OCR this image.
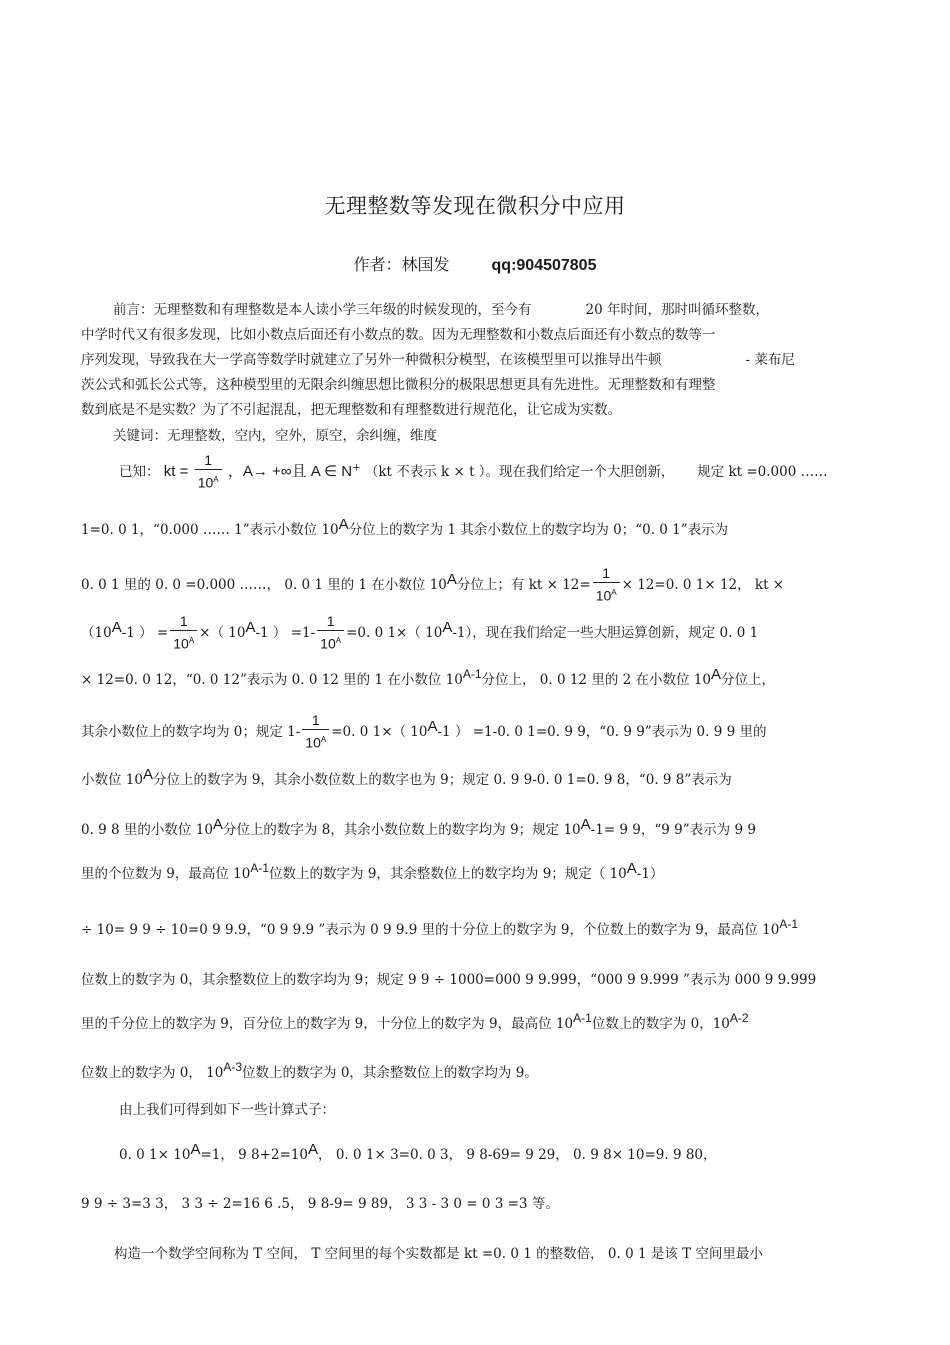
无理整数等发现在微积分中应用
作者：林国发	qq:904507805
前言：无理整数和有理整数是本人读小学三年级的时候发现的，至今有	20 年时间，那时叫循环整数，
中学时代又有很多发现，比如小数点后面还有小数点的数。因为无理整数和小数点后面还有小数点的数等一
序列发现，导致我在大一学高等数学时就建立了另外一种微积分模型，在该模型里可以推导出牛顿	- 莱布尼
茨公式和弧长公式等，这种模型里的无限余纠缠思想比微积分的极限思想更具有先进性。无理整数和有理整
数到底是不是实数？为了不引起混乱，把无理整数和有理整数进行规范化，让它成为实数。
关键词：无理整数，空内，空外，原空，余纠缠，维度
已知： kt = $\frac{1}{10^A}$ ，A→ +∞且 A ∈ N+ （kt 不表示 k × t ）。现在我们给定一个大胆创新， 规定 kt =0.000 ……
1=0. 0 1，“0.000 …… 1”表示小数位 10A分位上的数字为 1 其余小数位上的数字均为 0；“0. 0 1”表示为
0. 0 1 里的 0. 0 =0.000 ……， 0. 0 1 里的 1 在小数位 10A分位上；有 kt × $12= \frac{1}{10^A} \times 12=0$. 0 1× 12， kt ×
（10A-1 ） = $\frac{1}{10^A}$ ×（ 10A-1 ） $=1- \frac{1}{10^A} =0$. 0 1×（ 10A-1），现在我们给定一些大胆运算创新，规定 0. 0 1
× 12=0. 0 12，“0. 0 12”表示为 0. 0 12 里的 1 在小数位 10A-1分位上， 0. 0 12 里的 2 在小数位 10A分位上，
其余小数位上的数字均为 0；规定 $1- \frac{1}{10^A} =0$. 0 1×（ 10A-1 ） =1-0. 0 1=0. 9 9，“0. 9 9”表示为 0. 9 9 里的
小数位 10A分位上的数字为 9，其余小数位数上的数字也为 9；规定 0. 9 9-0. 0 1=0. 9 8，“0. 9 8”表示为
0. 9 8 里的小数位 10A分位上的数字为 8，其余小数位数上的数字均为 9；规定 10A-1= 9 9，“9 9”表示为 9 9
里的个位数为 9，最高位 10A-1位数上的数字为 9，其余整数位上的数字均为 9；规定（ 10A-1）
÷ 10= 9 9 ÷ 10=0 9 9.9，“0 9 9.9 ”表示为 0 9 9.9 里的十分位上的数字为 9，个位数上的数字为 9，最高位 10A-1
位数上的数字为 0，其余整数位上的数字均为 9；规定 9 9 ÷ 1000=000 9 9.999，“000 9 9.999 ”表示为 000 9 9.999
里的千分位上的数字为 9，百分位上的数字为 9，十分位上的数字为 9，最高位 10A-1位数上的数字为 0，10A-2
位数上的数字为 0， 10A-3位数上的数字为 0，其余整数位上的数字均为 9。
由上我们可得到如下一些计算式子：
0. 0 1× 10A=1， 9 8+2=10A， 0. 0 1× 3=0. 0 3， 9 8-69= 9 29， 0. 9 8× 10=9. 9 80，
9 9 ÷ 3=3 3， 3 3 ÷ 2=16 6 .5， 9 8-9= 9 89， 3 3 - 3 0 = 0 3 =3 等。
构造一个数学空间称为 T 空间， T 空间里的每个实数都是 kt =0. 0 1 的整数倍， 0. 0 1 是该 T 空间里最小
